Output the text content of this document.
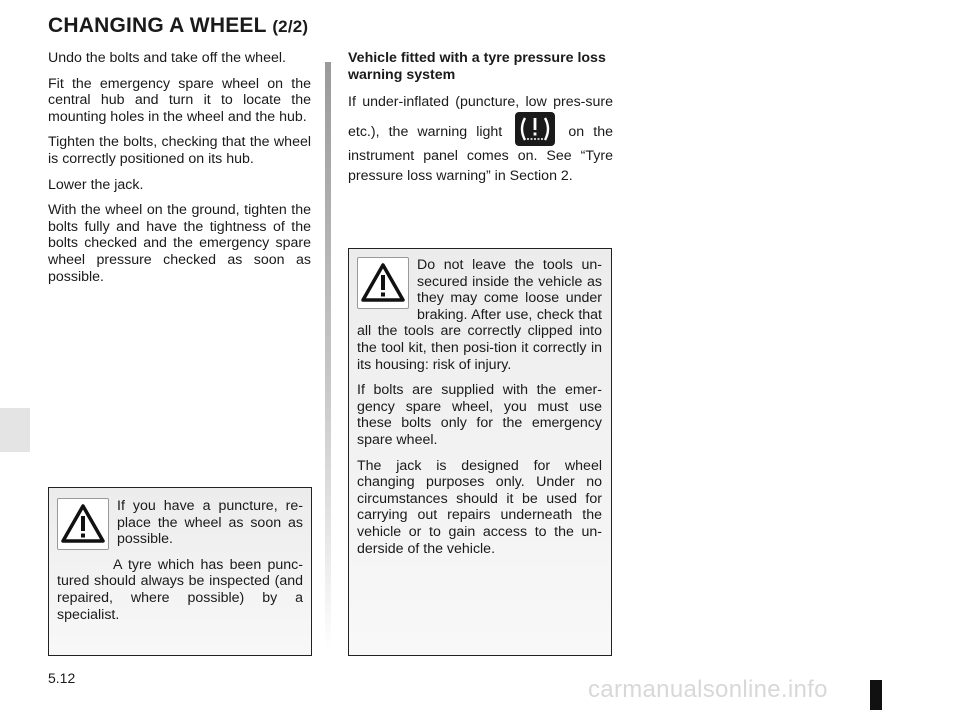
CHANGING A WHEEL (2/2)

Undo the bolts and take off the wheel.

Fit the emergency spare wheel on the central hub and turn it to locate the mounting holes in the wheel and the hub.

Tighten the bolts, checking that the wheel is correctly positioned on its hub.

Lower the jack.

With the wheel on the ground, tighten the bolts fully and have the tightness of the bolts checked and the emergency spare wheel pressure checked as soon as possible.

Vehicle fitted with a tyre pressure loss warning system

If under-inflated (puncture, low pres-sure etc.), the warning light	on the instrument panel comes on. See “Tyre pressure loss warning” in Section 2.

If you have a puncture, re-place the wheel as soon as possible.

A tyre which has been punc-tured should always be inspected (and repaired, where possible) by a specialist.

Do not leave the tools un-secured inside the vehicle as they may come loose under braking. After use, check that all the tools are correctly clipped into the tool kit, then posi-tion it correctly in its housing: risk of injury.

If bolts are supplied with the emer-gency spare wheel, you must use these bolts only for the emergency spare wheel.

The jack is designed for wheel changing purposes only. Under no circumstances should it be used for carrying out repairs underneath the vehicle or to gain access to the un-derside of the vehicle.

5.12	carmanualsonline.info
